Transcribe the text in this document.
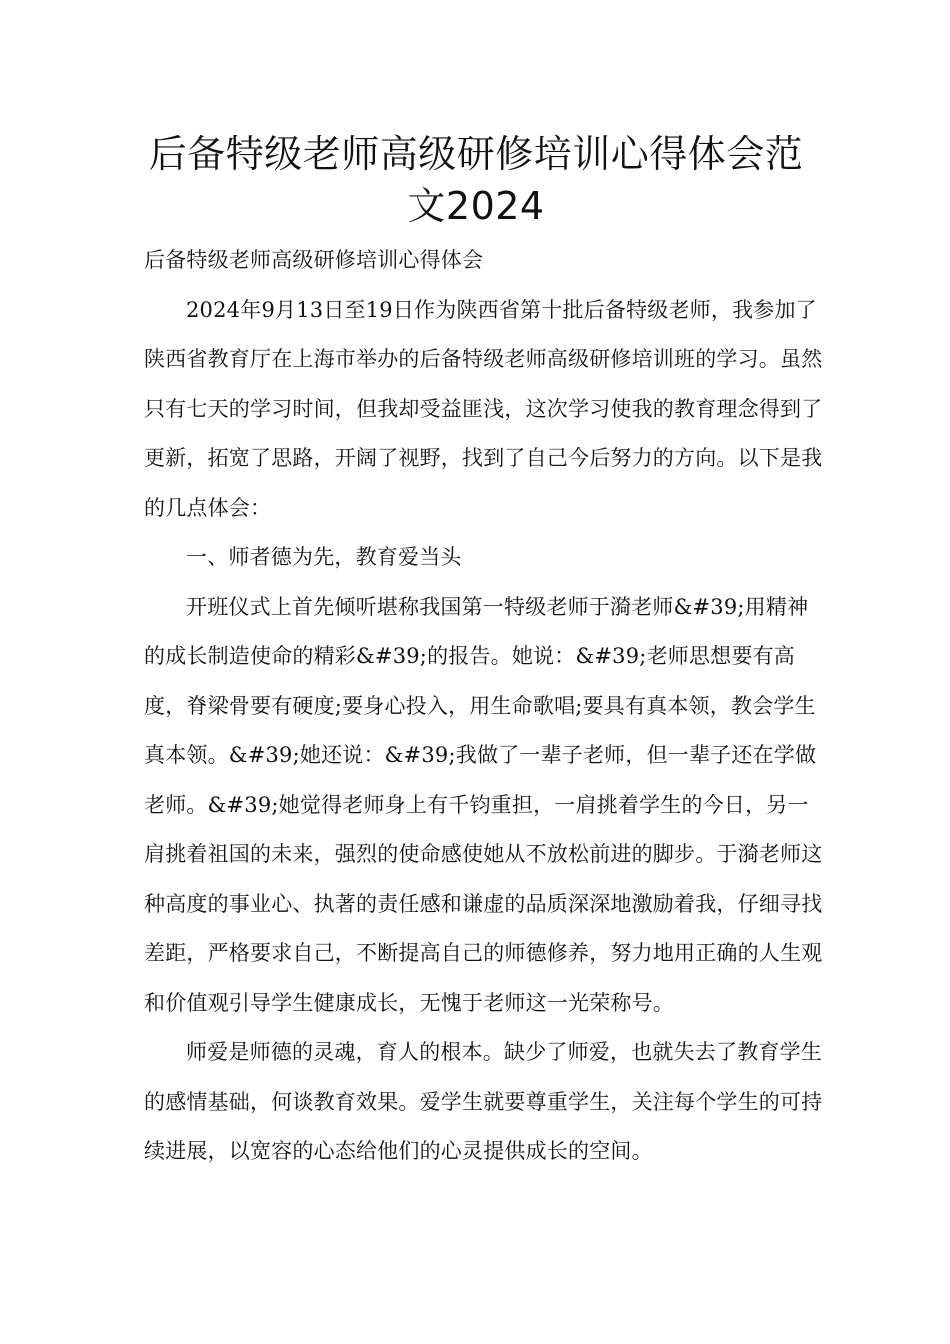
后备特级老师高级研修培训心得体会范文2024

后备特级老师高级研修培训心得体会

2024年9月13日至19日作为陕西省第十批后备特级老师，我参加了陕西省教育厅在上海市举办的后备特级老师高级研修培训班的学习。虽然只有七天的学习时间，但我却受益匪浅，这次学习使我的教育理念得到了更新，拓宽了思路，开阔了视野，找到了自己今后努力的方向。以下是我的几点体会：

一、师者德为先，教育爱当头

开班仪式上首先倾听堪称我国第一特级老师于漪老师&#39;用精神的成长制造使命的精彩&#39;的报告。她说：&#39;老师思想要有高度，脊梁骨要有硬度;要身心投入，用生命歌唱;要具有真本领，教会学生真本领。&#39;她还说：&#39;我做了一辈子老师，但一辈子还在学做老师。&#39;她觉得老师身上有千钧重担，一肩挑着学生的今日，另一肩挑着祖国的未来，强烈的使命感使她从不放松前进的脚步。于漪老师这种高度的事业心、执著的责任感和谦虚的品质深深地激励着我，仔细寻找差距，严格要求自己，不断提高自己的师德修养，努力地用正确的人生观和价值观引导学生健康成长，无愧于老师这一光荣称号。

师爱是师德的灵魂，育人的根本。缺少了师爱，也就失去了教育学生的感情基础，何谈教育效果。爱学生就要尊重学生，关注每个学生的可持续进展，以宽容的心态给他们的心灵提供成长的空间。
